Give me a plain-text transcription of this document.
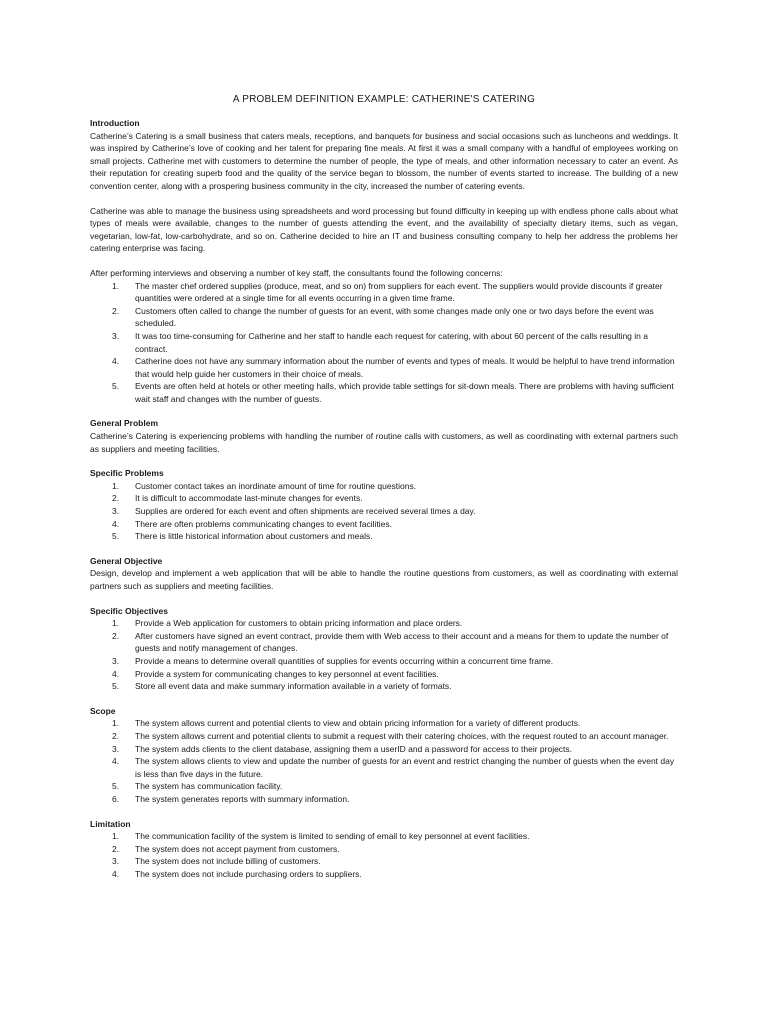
A PROBLEM DEFINITION EXAMPLE: CATHERINE'S CATERING
Introduction

Catherine’s Catering is a small business that caters meals, receptions, and banquets for business and social occasions such as luncheons and weddings. It was inspired by Catherine’s love of cooking and her talent for preparing fine meals. At first it was a small company with a handful of employees working on small projects. Catherine met with customers to determine the number of people, the type of meals, and other information necessary to cater an event. As their reputation for creating superb food and the quality of the service began to blossom, the number of events started to increase. The building of a new convention center, along with a prospering business community in the city, increased the number of catering events.

Catherine was able to manage the business using spreadsheets and word processing but found difficulty in keeping up with endless phone calls about what types of meals were available, changes to the number of guests attending the event, and the availability of specialty dietary items, such as vegan, vegetarian, low-fat, low-carbohydrate, and so on. Catherine decided to hire an IT and business consulting company to help her address the problems her catering enterprise was facing.

After performing interviews and observing a number of key staff, the consultants found the following concerns:

1.	The master chef ordered supplies (produce, meat, and so on) from suppliers for each event. The suppliers would provide discounts if greater quantities were ordered at a single time for all events occurring in a given time frame.
2.	Customers often called to change the number of guests for an event, with some changes made only one or two days before the event was scheduled.
3.	It was too time-consuming for Catherine and her staff to handle each request for catering, with about 60 percent of the calls resulting in a contract.
4.	Catherine does not have any summary information about the number of events and types of meals. It would be helpful to have trend information that would help guide her customers in their choice of meals.
5.	Events are often held at hotels or other meeting halls, which provide table settings for sit-down meals. There are problems with having sufficient wait staff and changes with the number of guests.
General Problem

Catherine’s Catering is experiencing problems with handling the number of routine calls with customers, as well as coordinating with external partners such as suppliers and meeting facilities.

Specific Problems
1.	Customer contact takes an inordinate amount of time for routine questions.
2.	It is difficult to accommodate last-minute changes for events.
3.	Supplies are ordered for each event and often shipments are received several times a day.
4.	There are often problems communicating changes to event facilities.
5.	There is little historical information about customers and meals.
General Objective

Design, develop and implement a web application that will be able to handle the routine questions from customers, as well as coordinating with external partners such as suppliers and meeting facilities.

Specific Objectives
1.	Provide a Web application for customers to obtain pricing information and place orders.
2.	After customers have signed an event contract, provide them with Web access to their account and a means for them to update the number of guests and notify management of changes.
3.	Provide a means to determine overall quantities of supplies for events occurring within a concurrent time frame.
4.	Provide a system for communicating changes to key personnel at event facilities.
5.	Store all event data and make summary information available in a variety of formats.
Scope
1.	The system allows current and potential clients to view and obtain pricing information for a variety of different products.
2.	The system allows current and potential clients to submit a request with their catering choices, with the request routed to an account manager.
3.	The system adds clients to the client database, assigning them a userID and a password for access to their projects.
4.	The system allows clients to view and update the number of guests for an event and restrict changing the number of guests when the event day is less than five days in the future.
5.	The system has communication facility.
6.	The system generates reports with summary information.
Limitation
1.	The communication facility of the system is limited to sending of email to key personnel at event facilities.
2.	The system does not accept payment from customers.
3.	The system does not include billing of customers.
4.	The system does not include purchasing orders to suppliers.
